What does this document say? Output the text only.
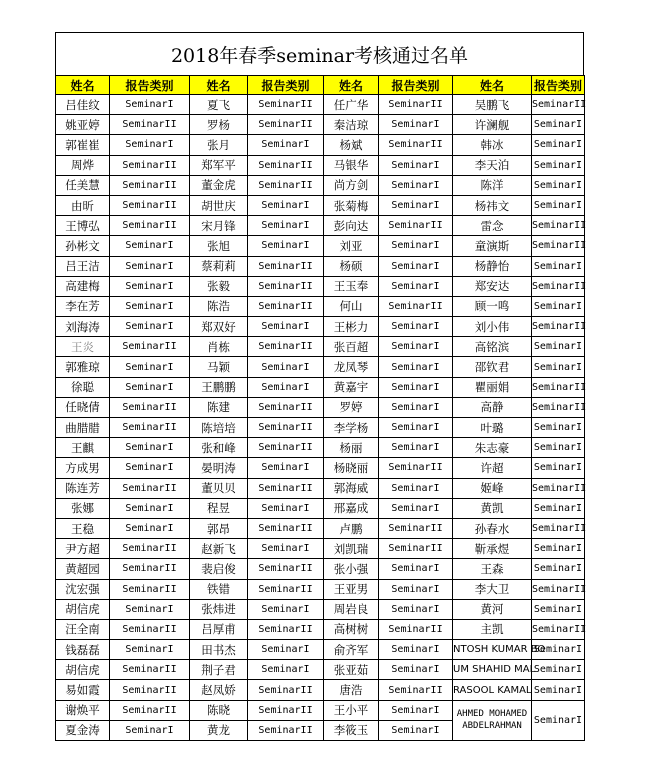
2018年春季seminar考核通过名单
姓名	报告类别	姓名	报告类别	姓名	报告类别	姓名	报告类别
吕佳纹	SeminarI	夏飞	SeminarII	任广华	SeminarII	吴鹏飞	SeminarII
姚亚婷	SeminarII	罗杨	SeminarII	秦洁琼	SeminarI	许澜舰	SeminarI
郭崔崔	SeminarI	张月	SeminarI	杨斌	SeminarII	韩冰	SeminarI
周烨	SeminarII	郑军平	SeminarII	马银华	SeminarI	李天泊	SeminarI
任美慧	SeminarII	董金虎	SeminarII	尚方剑	SeminarI	陈洋	SeminarI
由昕	SeminarII	胡世庆	SeminarI	张菊梅	SeminarI	杨祎文	SeminarI
王博弘	SeminarII	宋月锋	SeminarI	彭向达	SeminarII	雷念	SeminarII
孙彬文	SeminarI	张旭	SeminarI	刘亚	SeminarI	童演斯	SeminarII
吕王洁	SeminarI	蔡莉莉	SeminarII	杨硕	SeminarI	杨静怡	SeminarI
高建梅	SeminarI	张毅	SeminarII	王玉奉	SeminarI	郑安达	SeminarII
李在芳	SeminarI	陈浩	SeminarII	何山	SeminarII	顾一鸣	SeminarI
刘海涛	SeminarI	郑双好	SeminarI	王彬力	SeminarI	刘小伟	SeminarII
王炎	SeminarII	肖栋	SeminarII	张百超	SeminarI	高铭滨	SeminarI
郭雅琼	SeminarI	马颖	SeminarI	龙凤琴	SeminarI	邵钦君	SeminarI
徐聪	SeminarI	王鹏鹏	SeminarI	黄嘉宇	SeminarI	瞿丽娟	SeminarII
任晓倩	SeminarII	陈建	SeminarII	罗婷	SeminarI	高静	SeminarII
曲腊腊	SeminarII	陈培培	SeminarII	李学杨	SeminarI	叶璐	SeminarI
王麒	SeminarI	张和峰	SeminarII	杨丽	SeminarI	朱志豪	SeminarI
方成男	SeminarI	晏明涛	SeminarI	杨晓丽	SeminarII	许超	SeminarI
陈连芳	SeminarII	董贝贝	SeminarII	郭海威	SeminarI	姬峰	SeminarII
张娜	SeminarI	程昱	SeminarI	邢嘉成	SeminarI	黄凯	SeminarI
王稳	SeminarI	郭昂	SeminarII	卢鹏	SeminarII	孙春水	SeminarII
尹方超	SeminarII	赵新飞	SeminarI	刘凯瑞	SeminarII	靳承煜	SeminarI
黄超园	SeminarII	裴启俊	SeminarII	张小强	SeminarI	王森	SeminarI
沈宏强	SeminarII	铁错	SeminarII	王亚男	SeminarI	李大卫	SeminarII
胡信虎	SeminarI	张炜进	SeminarI	周岩良	SeminarI	黄河	SeminarI
汪全南	SeminarII	吕厚甫	SeminarII	高树树	SeminarII	主凯	SeminarII
钱磊磊	SeminarI	田书杰	SeminarI	俞齐军	SeminarI	NTOSH KUMAR BO	SeminarI
胡信虎	SeminarII	荆子君	SeminarI	张亚茹	SeminarI	UM SHAHID MAL	SeminarI
易如霞	SeminarII	赵凤娇	SeminarII	唐浩	SeminarII	RASOOL KAMAL	SeminarI
谢焕平	SeminarII	陈晓	SeminarII	王小平	SeminarI	AHMED MOHAMED ABDELRAHMAN	SeminarI
夏金涛	SeminarI	黄龙	SeminarII	李筱玉	SeminarI		
